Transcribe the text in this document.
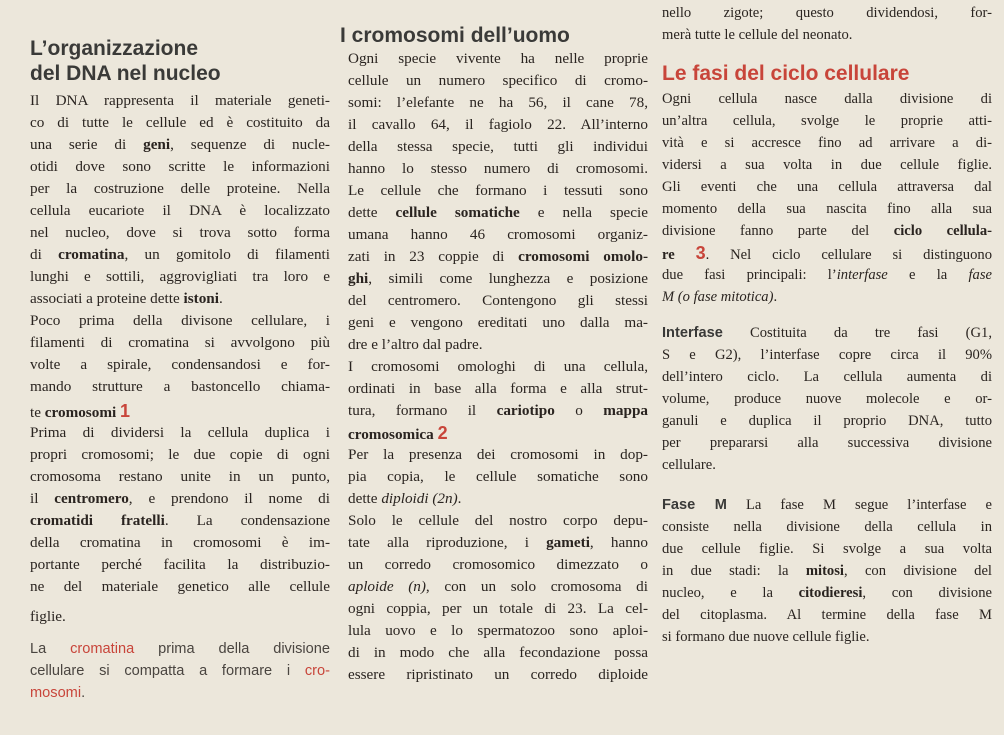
L’organizzazione
del DNA nel nucleo
Il DNA rappresenta il materiale geneti-
co di tutte le cellule ed è costituito da
una serie di geni, sequenze di nucle-
otidi dove sono scritte le informazioni
per la costruzione delle proteine. Nella
cellula eucariote il DNA è localizzato
nel nucleo, dove si trova sotto forma
di cromatina, un gomitolo di filamenti
lunghi e sottili, aggrovigliati tra loro e
associati a proteine dette istoni.
Poco prima della divisone cellulare, i
filamenti di cromatina si avvolgono più
volte a spirale, condensandosi e for-
mando strutture a bastoncello chiama-
te cromosomi 1
Prima di dividersi la cellula duplica i
propri cromosomi; le due copie di ogni
cromosoma restano unite in un punto,
il centromero, e prendono il nome di
cromatidi fratelli. La condensazione
della cromatina in cromosomi è im-
portante perché facilita la distribuzio-
ne del materiale genetico alle cellule
figlie.
La cromatina prima della divisione
cellulare si compatta a formare i cro-
mosomi.
I cromosomi dell’uomo
Ogni specie vivente ha nelle proprie
cellule un numero specifico di cromo-
somi: l’elefante ne ha 56, il cane 78,
il cavallo 64, il fagiolo 22. All’interno
della stessa specie, tutti gli individui
hanno lo stesso numero di cromosomi.
Le cellule che formano i tessuti sono
dette cellule somatiche e nella specie
umana hanno 46 cromosomi organiz-
zati in 23 coppie di cromosomi omolo-
ghi, simili come lunghezza e posizione
del centromero. Contengono gli stessi
geni e vengono ereditati uno dalla ma-
dre e l’altro dal padre.
I cromosomi omologhi di una cellula,
ordinati in base alla forma e alla strut-
tura, formano il cariotipo o mappa
cromosomica 2
Per la presenza dei cromosomi in dop-
pia copia, le cellule somatiche sono
dette diploidi (2n).
Solo le cellule del nostro corpo depu-
tate alla riproduzione, i gameti, hanno
un corredo cromosomico dimezzato o
aploide (n), con un solo cromosoma di
ogni coppia, per un totale di 23. La cel-
lula uovo e lo spermatozoo sono aploi-
di in modo che alla fecondazione possa
essere ripristinato un corredo diploide
nello zigote; questo dividendosi, for-
merà tutte le cellule del neonato.
Le fasi del ciclo cellulare
Ogni cellula nasce dalla divisione di
un’altra cellula, svolge le proprie atti-
vità e si accresce fino ad arrivare a di-
vidersi a sua volta in due cellule figlie.
Gli eventi che una cellula attraversa dal
momento della sua nascita fino alla sua
divisione fanno parte del ciclo cellula-
re 3. Nel ciclo cellulare si distinguono
due fasi principali: l’interfase e la fase
M (o fase mitotica).
Interfase Costituita da tre fasi (G1,
S e G2), l’interfase copre circa il 90%
dell’intero ciclo. La cellula aumenta di
volume, produce nuove molecole e or-
ganuli e duplica il proprio DNA, tutto
per prepararsi alla successiva divisione
cellulare.
Fase M La fase M segue l’interfase e
consiste nella divisione della cellula in
due cellule figlie. Si svolge a sua volta
in due stadi: la mitosi, con divisione del
nucleo, e la citodieresi, con divisione
del citoplasma. Al termine della fase M
si formano due nuove cellule figlie.
